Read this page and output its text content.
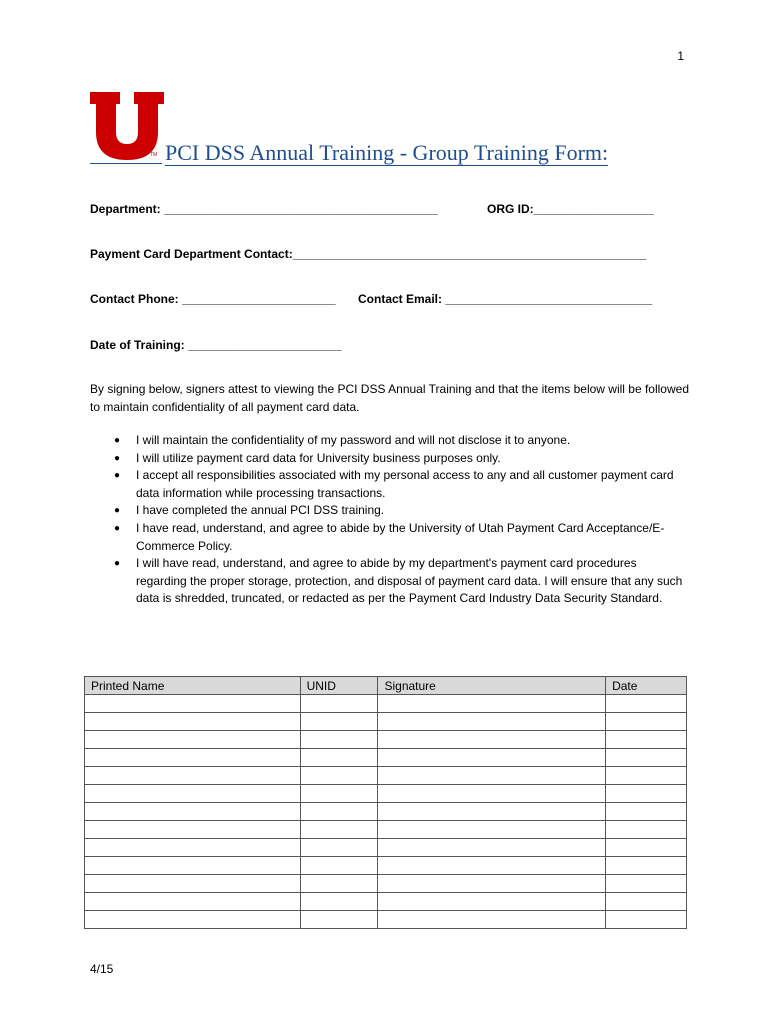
1
TM PCI DSS Annual Training - Group Training Form:
Department: _________________________________________	ORG ID:__________________
Payment Card Department Contact:_____________________________________________________
Contact Phone: _______________________ Contact Email: _______________________________
Date of Training: _______________________
By signing below, signers attest to viewing the PCI DSS Annual Training and that the items below will be followed to maintain confidentiality of all payment card data.
● I will maintain the confidentiality of my password and will not disclose it to anyone.
● I will utilize payment card data for University business purposes only.
● I accept all responsibilities associated with my personal access to any and all customer payment card data information while processing transactions.
● I have completed the annual PCI DSS training.
● I have read, understand, and agree to abide by the University of Utah Payment Card Acceptance/E-Commerce Policy.
● I will have read, understand, and agree to abide by my department's payment card procedures regarding the proper storage, protection, and disposal of payment card data. I will ensure that any such data is shredded, truncated, or redacted as per the Payment Card Industry Data Security Standard.
Printed Name	UNID	Signature	Date

4/15
